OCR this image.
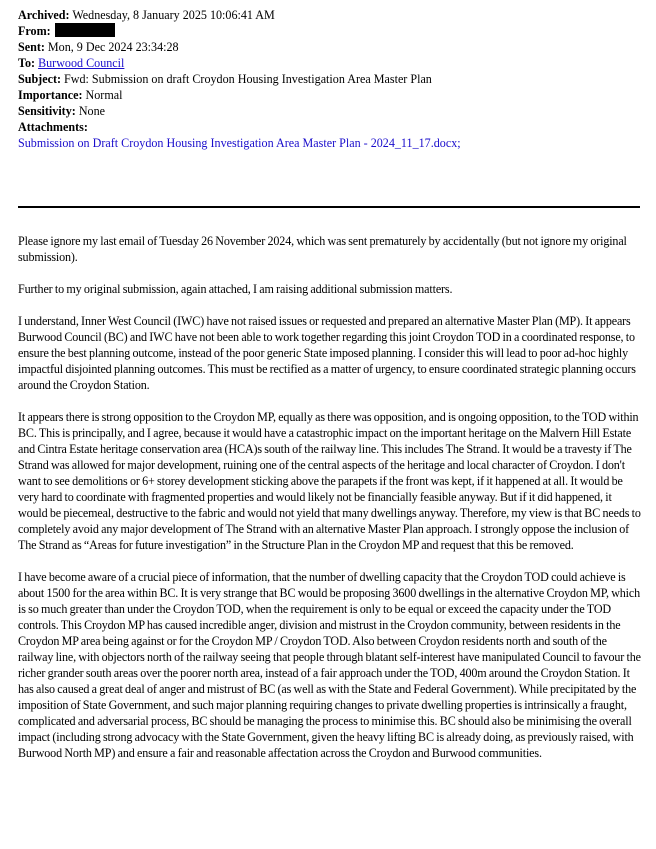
Archived: Wednesday, 8 January 2025 10:06:41 AM
From:
Sent: Mon, 9 Dec 2024 23:34:28
To: Burwood Council
Subject: Fwd: Submission on draft Croydon Housing Investigation Area Master Plan
Importance: Normal
Sensitivity: None
Attachments:
Submission on Draft Croydon Housing Investigation Area Master Plan - 2024_11_17.docx;

Please ignore my last email of Tuesday 26 November 2024, which was sent prematurely by accidentally (but not ignore my original submission).

Further to my original submission, again attached, I am raising additional submission matters.

I understand, Inner West Council (IWC) have not raised issues or requested and prepared an alternative Master Plan (MP). It appears Burwood Council (BC) and IWC have not been able to work together regarding this joint Croydon TOD in a coordinated response, to ensure the best planning outcome, instead of the poor generic State imposed planning. I consider this will lead to poor ad-hoc highly impactful disjointed planning outcomes. This must be rectified as a matter of urgency, to ensure coordinated strategic planning occurs around the Croydon Station.

It appears there is strong opposition to the Croydon MP, equally as there was opposition, and is ongoing opposition, to the TOD within BC. This is principally, and I agree, because it would have a catastrophic impact on the important heritage on the Malvern Hill Estate and Cintra Estate heritage conservation area (HCA)s south of the railway line. This includes The Strand. It would be a travesty if The Strand was allowed for major development, ruining one of the central aspects of the heritage and local character of Croydon. I don't want to see demolitions or 6+ storey development sticking above the parapets if the front was kept, if it happened at all. It would be very hard to coordinate with fragmented properties and would likely not be financially feasible anyway. But if it did happened, it would be piecemeal, destructive to the fabric and would not yield that many dwellings anyway. Therefore, my view is that BC needs to completely avoid any major development of The Strand with an alternative Master Plan approach. I strongly oppose the inclusion of The Strand as “Areas for future investigation” in the Structure Plan in the Croydon MP and request that this be removed.

I have become aware of a crucial piece of information, that the number of dwelling capacity that the Croydon TOD could achieve is about 1500 for the area within BC. It is very strange that BC would be proposing 3600 dwellings in the alternative Croydon MP, which is so much greater than under the Croydon TOD, when the requirement is only to be equal or exceed the capacity under the TOD controls. This Croydon MP has caused incredible anger, division and mistrust in the Croydon community, between residents in the Croydon MP area being against or for the Croydon MP / Croydon TOD. Also between Croydon residents north and south of the railway line, with objectors north of the railway seeing that people through blatant self-interest have manipulated Council to favour the richer grander south areas over the poorer north area, instead of a fair approach under the TOD, 400m around the Croydon Station. It has also caused a great deal of anger and mistrust of BC (as well as with the State and Federal Government). While precipitated by the imposition of State Government, and such major planning requiring changes to private dwelling properties is intrinsically a fraught, complicated and adversarial process, BC should be managing the process to minimise this. BC should also be minimising the overall impact (including strong advocacy with the State Government, given the heavy lifting BC is already doing, as previously raised, with Burwood North MP) and ensure a fair and reasonable affectation across the Croydon and Burwood communities.
